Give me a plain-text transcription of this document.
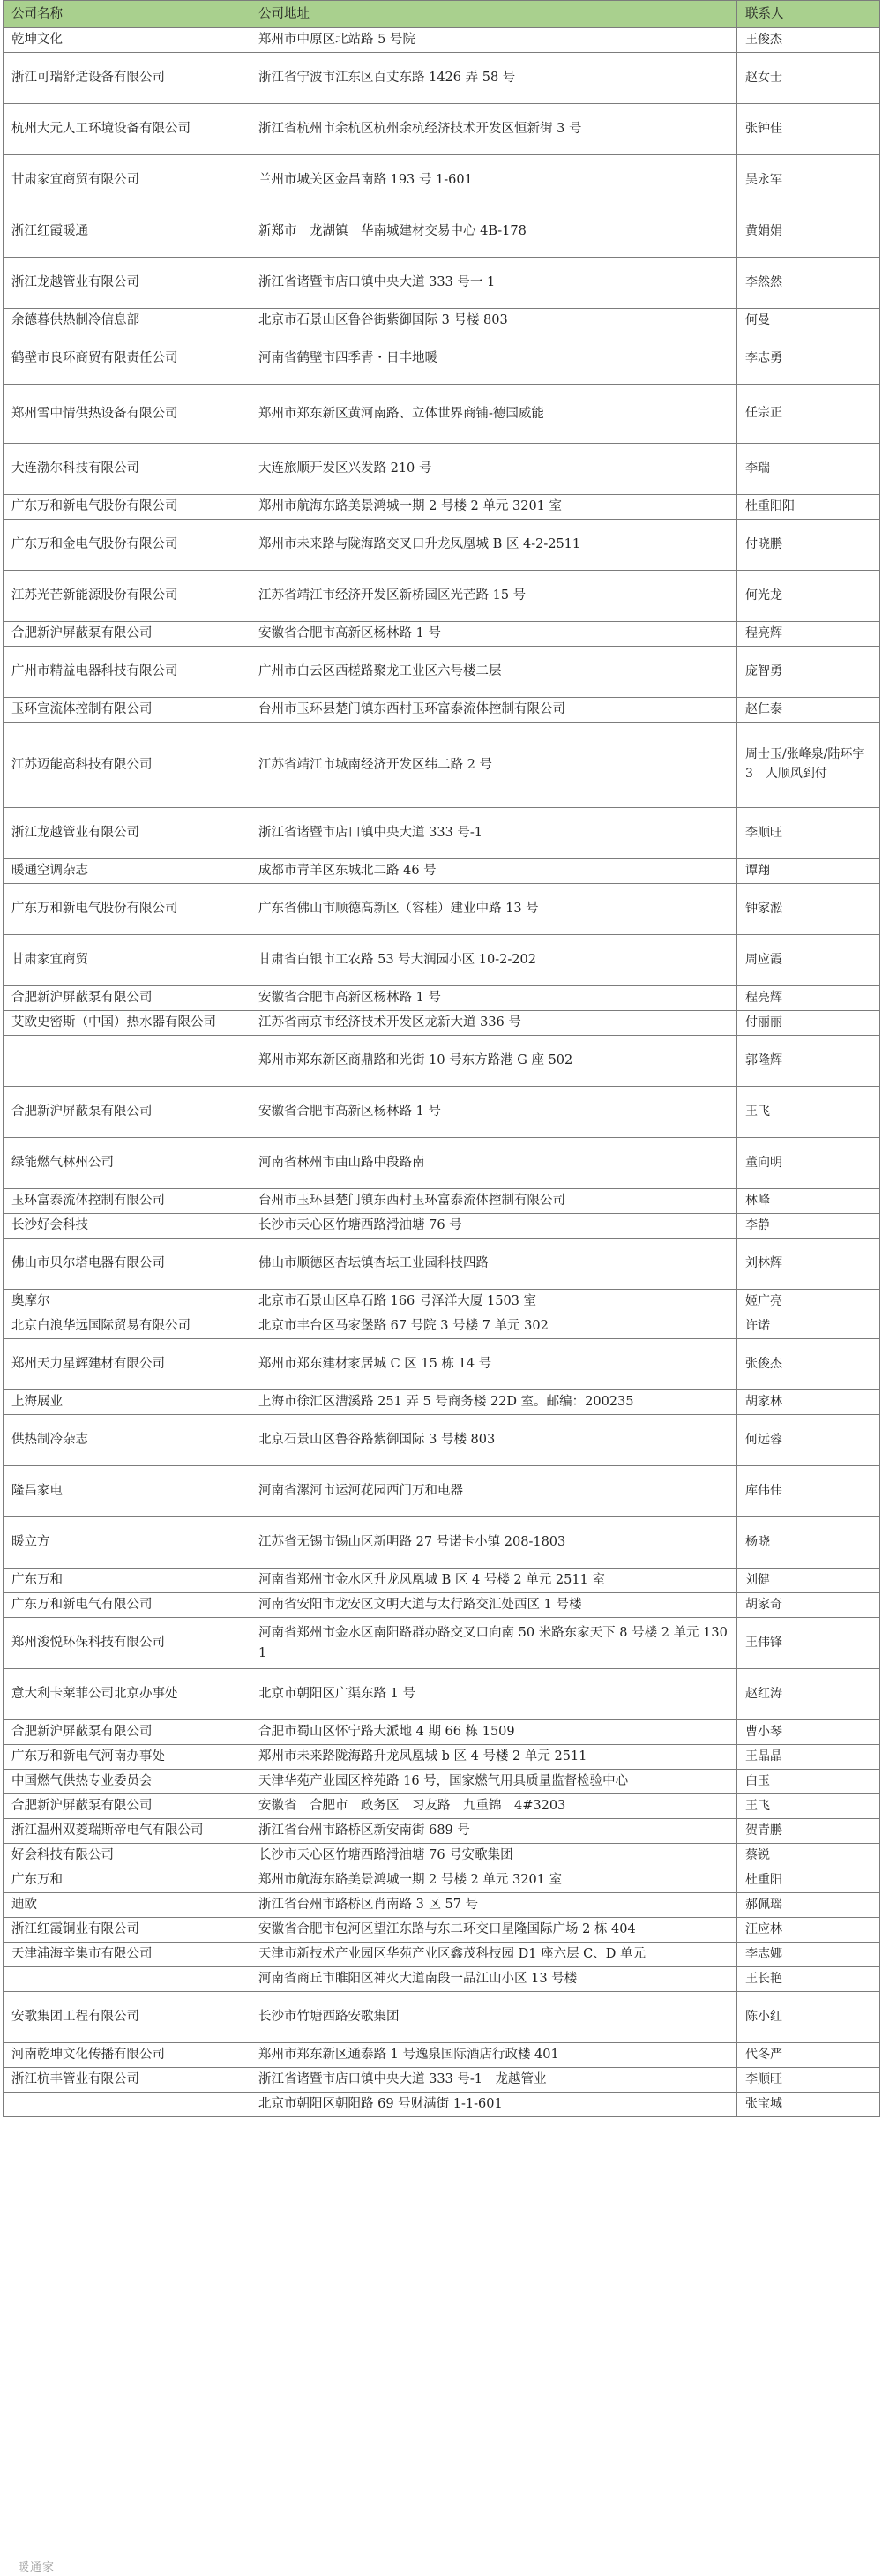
公司名称	公司地址	联系人
乾坤文化	郑州市中原区北站路 5 号院	王俊杰
浙江可瑞舒适设备有限公司	浙江省宁波市江东区百丈东路 1426 弄 58 号	赵女士
杭州大元人工环境设备有限公司	浙江省杭州市余杭区杭州余杭经济技术开发区恒新街 3 号	张钟佳
甘肃家宜商贸有限公司	兰州市城关区金昌南路 193 号 1-601	吴永军
浙江红霞暖通	新郑市　龙湖镇　华南城建材交易中心 4B-178	黄娟娟
浙江龙越管业有限公司	浙江省诸暨市店口镇中央大道 333 号一 1	李然然
余德暮供热制冷信息部	北京市石景山区鲁谷街紫御国际 3 号楼 803	何曼
鹤壁市良环商贸有限责任公司	河南省鹤壁市四季青・日丰地暖	李志勇
郑州雪中情供热设备有限公司	郑州市郑东新区黄河南路、立体世界商铺-德国威能	任宗正
大连渤尔科技有限公司	大连旅顺开发区兴发路 210 号	李瑞
广东万和新电气股份有限公司	郑州市航海东路美景鸿城一期 2 号楼 2 单元 3201 室	杜重阳阳
广东万和金电气股份有限公司	郑州市未来路与陇海路交叉口升龙凤凰城 B 区 4-2-2511	付晓鹏
江苏光芒新能源股份有限公司	江苏省靖江市经济开发区新桥园区光芒路 15 号	何光龙
合肥新沪屏蔽泵有限公司	安徽省合肥市高新区杨林路 1 号	程亮辉
广州市精益电器科技有限公司	广州市白云区西槎路聚龙工业区六号楼二层	庞智勇
玉环宣流体控制有限公司	台州市玉环县楚门镇东西村玉环富泰流体控制有限公司	赵仁泰
江苏迈能高科技有限公司	江苏省靖江市城南经济开发区纬二路 2 号	周士玉/张峰泉/陆环宇　3　人顺风到付
浙江龙越管业有限公司	浙江省诸暨市店口镇中央大道 333 号-1	李顺旺
暖通空调杂志	成都市青羊区东城北二路 46 号	谭翔
广东万和新电气股份有限公司	广东省佛山市顺德高新区（容桂）建业中路 13 号	钟家淞
甘肃家宜商贸	甘肃省白银市工农路 53 号大润园小区 10-2-202	周应霞
合肥新沪屏蔽泵有限公司	安徽省合肥市高新区杨林路 1 号	程亮辉
艾欧史密斯（中国）热水器有限公司	江苏省南京市经济技术开发区龙新大道 336 号	付丽丽
	郑州市郑东新区商鼎路和光街 10 号东方路港 G 座 502	郭隆辉
合肥新沪屏蔽泵有限公司	安徽省合肥市高新区杨林路 1 号	王飞
绿能燃气林州公司	河南省林州市曲山路中段路南	董向明
玉环富泰流体控制有限公司	台州市玉环县楚门镇东西村玉环富泰流体控制有限公司	林峰
长沙好会科技	长沙市天心区竹塘西路滑油塘 76 号	李静
佛山市贝尔塔电器有限公司	佛山市顺德区杏坛镇杏坛工业园科技四路	刘林辉
奥摩尔	北京市石景山区阜石路 166 号泽洋大厦 1503 室	姬广亮
北京白浪华远国际贸易有限公司	北京市丰台区马家堡路 67 号院 3 号楼 7 单元 302	许诺
郑州天力星辉建材有限公司	郑州市郑东建材家居城 C 区 15 栋 14 号	张俊杰
上海展业	上海市徐汇区漕溪路 251 弄 5 号商务楼 22D 室。邮编：200235	胡家林
供热制冷杂志	北京石景山区鲁谷路紫御国际 3 号楼 803	何远蓉
隆昌家电	河南省漯河市运河花园西门万和电器	库伟伟
暖立方	江苏省无锡市锡山区新明路 27 号诺卡小镇 208-1803	杨晓
广东万和	河南省郑州市金水区升龙凤凰城 B 区 4 号楼 2 单元 2511 室	刘健
广东万和新电气有限公司	河南省安阳市龙安区文明大道与太行路交汇处西区 1 号楼	胡家奇
郑州浚悦环保科技有限公司	河南省郑州市金水区南阳路群办路交叉口向南 50 米路东家天下 8 号楼 2 单元 1301	王伟锋
意大利卡莱菲公司北京办事处	北京市朝阳区广渠东路 1 号	赵红涛
合肥新沪屏蔽泵有限公司	合肥市蜀山区怀宁路大派地 4 期 66 栋 1509	曹小琴
广东万和新电气河南办事处	郑州市未来路陇海路升龙凤凰城 b 区 4 号楼 2 单元 2511	王晶晶
中国燃气供热专业委员会	天津华苑产业园区梓苑路 16 号，国家燃气用具质量监督检验中心	白玉
合肥新沪屏蔽泵有限公司	安徽省　合肥市　政务区　习友路　九重锦　4#3203	王飞
浙江温州双菱瑞斯帝电气有限公司	浙江省台州市路桥区新安南街 689 号	贺青鹏
好会科技有限公司	长沙市天心区竹塘西路滑油塘 76 号安歌集团	蔡锐
广东万和	郑州市航海东路美景鸿城一期 2 号楼 2 单元 3201 室	杜重阳
迪欧	浙江省台州市路桥区肖南路 3 区 57 号	郝佩瑶
浙江红霞铜业有限公司	安徽省合肥市包河区望江东路与东二环交口星隆国际广场 2 栋 404	汪应林
天津浦海辛集市有限公司	天津市新技术产业园区华苑产业区鑫茂科技园 D1 座六层 C、D 单元	李志娜
	河南省商丘市睢阳区神火大道南段一品江山小区 13 号楼	王长艳
安歌集团工程有限公司	长沙市竹塘西路安歌集团	陈小红
河南乾坤文化传播有限公司	郑州市郑东新区通泰路 1 号逸泉国际酒店行政楼 401	代冬严
浙江杭丰管业有限公司	浙江省诸暨市店口镇中央大道 333 号-1　龙越管业	李顺旺
	北京市朝阳区朝阳路 69 号财满街 1-1-601	张宝城
暖通家
